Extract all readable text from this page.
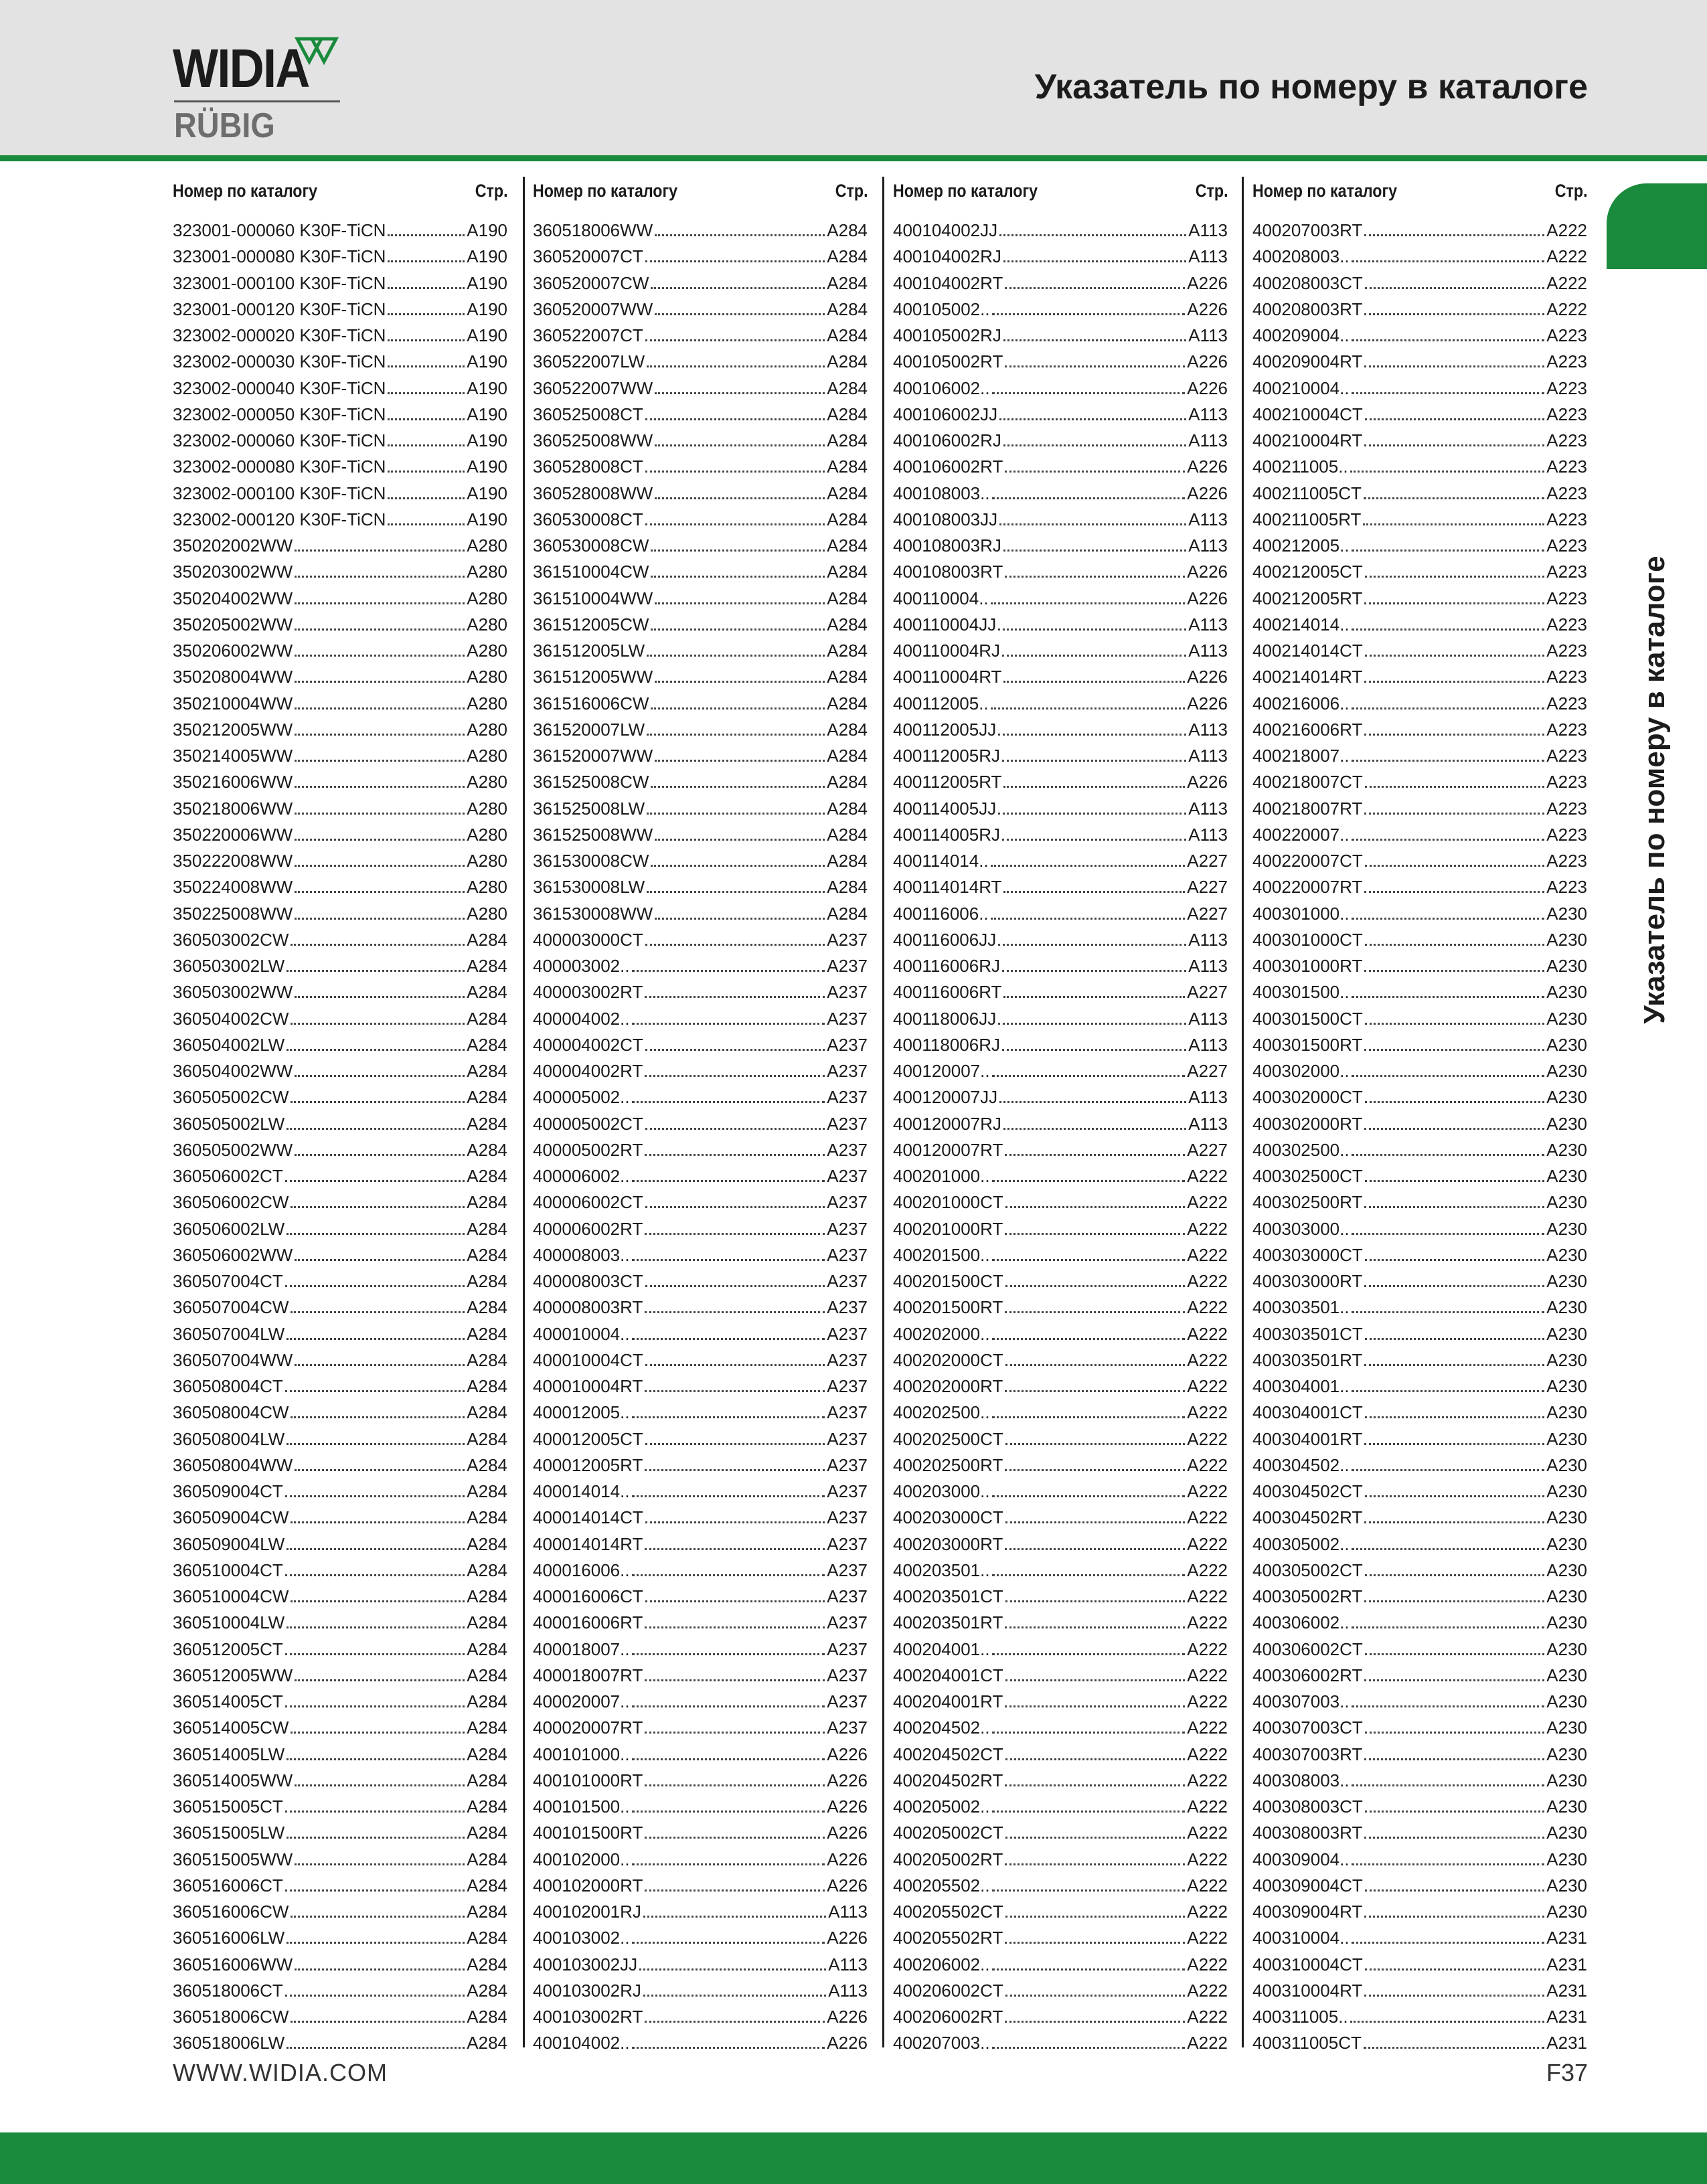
WIDIA
RÜBIG
Указатель по номеру в каталоге
Номер по каталогу	Стр.
323001-000060 K30F-TiCN	A190
323001-000080 K30F-TiCN	A190
323001-000100 K30F-TiCN	A190
323001-000120 K30F-TiCN	A190
323002-000020 K30F-TiCN	A190
323002-000030 K30F-TiCN	A190
323002-000040 K30F-TiCN	A190
323002-000050 K30F-TiCN	A190
323002-000060 K30F-TiCN	A190
323002-000080 K30F-TiCN	A190
323002-000100 K30F-TiCN	A190
323002-000120 K30F-TiCN	A190
350202002WW	A280
350203002WW	A280
350204002WW	A280
350205002WW	A280
350206002WW	A280
350208004WW	A280
350210004WW	A280
350212005WW	A280
350214005WW	A280
350216006WW	A280
350218006WW	A280
350220006WW	A280
350222008WW	A280
350224008WW	A280
350225008WW	A280
360503002CW	A284
360503002LW	A284
360503002WW	A284
360504002CW	A284
360504002LW	A284
360504002WW	A284
360505002CW	A284
360505002LW	A284
360505002WW	A284
360506002CT	A284
360506002CW	A284
360506002LW	A284
360506002WW	A284
360507004CT	A284
360507004CW	A284
360507004LW	A284
360507004WW	A284
360508004CT	A284
360508004CW	A284
360508004LW	A284
360508004WW	A284
360509004CT	A284
360509004CW	A284
360509004LW	A284
360510004CT	A284
360510004CW	A284
360510004LW	A284
360512005CT	A284
360512005WW	A284
360514005CT	A284
360514005CW	A284
360514005LW	A284
360514005WW	A284
360515005CT	A284
360515005LW	A284
360515005WW	A284
360516006CT	A284
360516006CW	A284
360516006LW	A284
360516006WW	A284
360518006CT	A284
360518006CW	A284
360518006LW	A284
Номер по каталогу	Стр.
360518006WW	A284
360520007CT	A284
360520007CW	A284
360520007WW	A284
360522007CT	A284
360522007LW	A284
360522007WW	A284
360525008CT	A284
360525008WW	A284
360528008CT	A284
360528008WW	A284
360530008CT	A284
360530008CW	A284
361510004CW	A284
361510004WW	A284
361512005CW	A284
361512005LW	A284
361512005WW	A284
361516006CW	A284
361520007LW	A284
361520007WW	A284
361525008CW	A284
361525008LW	A284
361525008WW	A284
361530008CW	A284
361530008LW	A284
361530008WW	A284
400003000CT	A237
400003002..	A237
400003002RT	A237
400004002..	A237
400004002CT	A237
400004002RT	A237
400005002..	A237
400005002CT	A237
400005002RT	A237
400006002..	A237
400006002CT	A237
400006002RT	A237
400008003..	A237
400008003CT	A237
400008003RT	A237
400010004..	A237
400010004CT	A237
400010004RT	A237
400012005..	A237
400012005CT	A237
400012005RT	A237
400014014..	A237
400014014CT	A237
400014014RT	A237
400016006..	A237
400016006CT	A237
400016006RT	A237
400018007..	A237
400018007RT	A237
400020007..	A237
400020007RT	A237
400101000..	A226
400101000RT	A226
400101500..	A226
400101500RT	A226
400102000..	A226
400102000RT	A226
400102001RJ	A113
400103002..	A226
400103002JJ	A113
400103002RJ	A113
400103002RT	A226
400104002..	A226
Номер по каталогу	Стр.
400104002JJ	A113
400104002RJ	A113
400104002RT	A226
400105002..	A226
400105002RJ	A113
400105002RT	A226
400106002..	A226
400106002JJ	A113
400106002RJ	A113
400106002RT	A226
400108003..	A226
400108003JJ	A113
400108003RJ	A113
400108003RT	A226
400110004..	A226
400110004JJ	A113
400110004RJ	A113
400110004RT	A226
400112005..	A226
400112005JJ	A113
400112005RJ	A113
400112005RT	A226
400114005JJ	A113
400114005RJ	A113
400114014..	A227
400114014RT	A227
400116006..	A227
400116006JJ	A113
400116006RJ	A113
400116006RT	A227
400118006JJ	A113
400118006RJ	A113
400120007..	A227
400120007JJ	A113
400120007RJ	A113
400120007RT	A227
400201000..	A222
400201000CT	A222
400201000RT	A222
400201500..	A222
400201500CT	A222
400201500RT	A222
400202000..	A222
400202000CT	A222
400202000RT	A222
400202500..	A222
400202500CT	A222
400202500RT	A222
400203000..	A222
400203000CT	A222
400203000RT	A222
400203501..	A222
400203501CT	A222
400203501RT	A222
400204001..	A222
400204001CT	A222
400204001RT	A222
400204502..	A222
400204502CT	A222
400204502RT	A222
400205002..	A222
400205002CT	A222
400205002RT	A222
400205502..	A222
400205502CT	A222
400205502RT	A222
400206002..	A222
400206002CT	A222
400206002RT	A222
400207003..	A222
Номер по каталогу	Стр.
400207003RT	A222
400208003..	A222
400208003CT	A222
400208003RT	A222
400209004..	A223
400209004RT	A223
400210004..	A223
400210004CT	A223
400210004RT	A223
400211005..	A223
400211005CT	A223
400211005RT	A223
400212005..	A223
400212005CT	A223
400212005RT	A223
400214014..	A223
400214014CT	A223
400214014RT	A223
400216006..	A223
400216006RT	A223
400218007..	A223
400218007CT	A223
400218007RT	A223
400220007..	A223
400220007CT	A223
400220007RT	A223
400301000..	A230
400301000CT	A230
400301000RT	A230
400301500..	A230
400301500CT	A230
400301500RT	A230
400302000..	A230
400302000CT	A230
400302000RT	A230
400302500..	A230
400302500CT	A230
400302500RT	A230
400303000..	A230
400303000CT	A230
400303000RT	A230
400303501..	A230
400303501CT	A230
400303501RT	A230
400304001..	A230
400304001CT	A230
400304001RT	A230
400304502..	A230
400304502CT	A230
400304502RT	A230
400305002..	A230
400305002CT	A230
400305002RT	A230
400306002..	A230
400306002CT	A230
400306002RT	A230
400307003..	A230
400307003CT	A230
400307003RT	A230
400308003..	A230
400308003CT	A230
400308003RT	A230
400309004..	A230
400309004CT	A230
400309004RT	A230
400310004..	A231
400310004CT	A231
400310004RT	A231
400311005..	A231
400311005CT	A231
Указатель по номеру в каталоге
WWW.WIDIA.COM	F37
